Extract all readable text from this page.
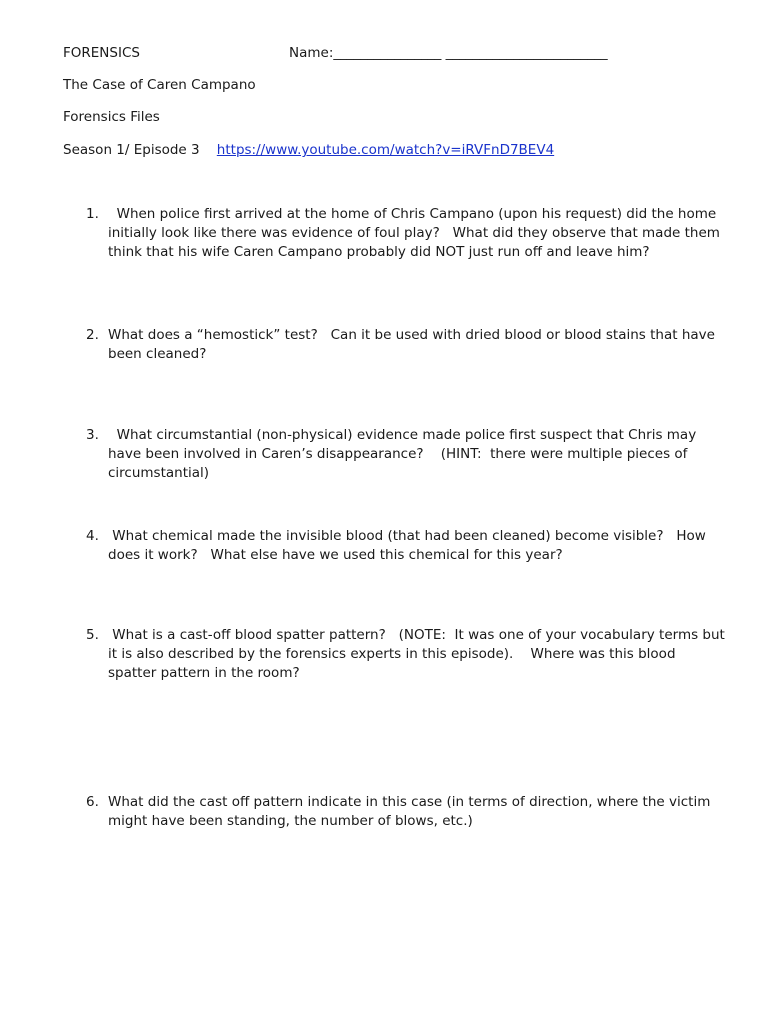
FORENSICS	Name:________________ ________________________
The Case of Caren Campano
Forensics Files
Season 1/ Episode 3 https://www.youtube.com/watch?v=iRVFnD7BEV4
1. When police first arrived at the home of Chris Campano (upon his request) did the home initially look like there was evidence of foul play?   What did they observe that made them think that his wife Caren Campano probably did NOT just run off and leave him?
2. What does a “hemostick” test?   Can it be used with dried blood or blood stains that have been cleaned?
3. What circumstantial (non-physical) evidence made police first suspect that Chris may have been involved in Caren’s disappearance?    (HINT:  there were multiple pieces of circumstantial)
4. What chemical made the invisible blood (that had been cleaned) become visible?   How does it work?   What else have we used this chemical for this year?
5. What is a cast-off blood spatter pattern?   (NOTE:  It was one of your vocabulary terms but it is also described by the forensics experts in this episode).    Where was this blood spatter pattern in the room?
6. What did the cast off pattern indicate in this case (in terms of direction, where the victim might have been standing, the number of blows, etc.)
